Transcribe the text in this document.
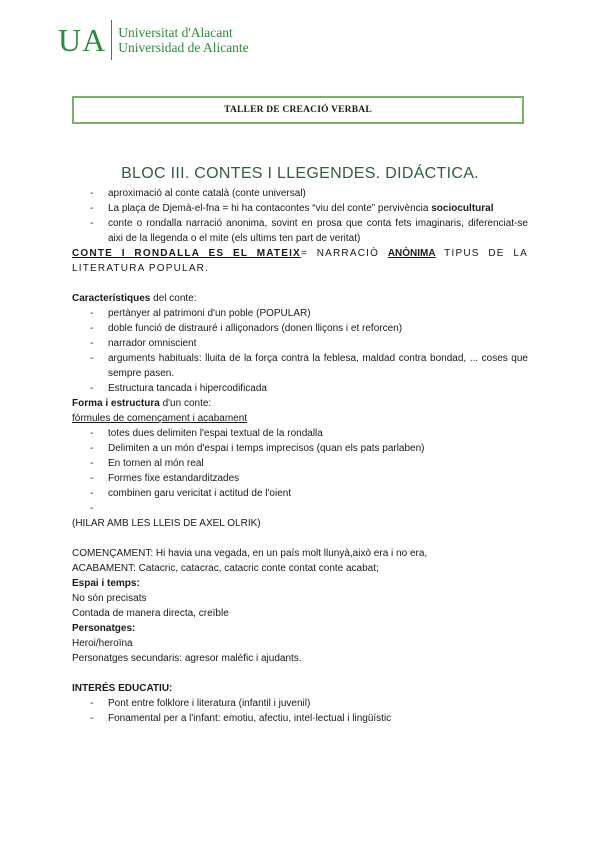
UA Universitat d'Alacant
Universidad de Alicante
TALLER DE CREACIÓ VERBAL
BLOC III. CONTES I LLEGENDES. DIDÁCTICA.
- aproximació al conte català (conte universal)
- La plaça de Djemà-el-fna = hi ha contacontes “viu del conte” pervivència sociocultural
- conte o rondalla narració anonima, sovint en prosa que conta fets imaginaris, diferenciat-se aixi de la llegenda o el mite (els ultims ten part de veritat)

CONTE I RONDALLA ES EL MATEIX= NARRACIÒ ANÒNIMA TIPUS DE LA LITERATURA POPULAR.

Característiques del conte:

- pertànyer al patrimoni d'un poble (POPULAR)
- doble funció de distrauré i alliçonadors (donen lliçons i et reforcen)
- narrador omniscient
- arguments habituals: lluita de la força contra la feblesa, maldad contra bondad, ... coses que sempre pasen.
- Estructura tancada i hipercodificada

Forma i estructura d'un conte:

fórmules de començament i acabament

- totes dues delimiten l'espai textual de la rondalla
- Delimiten a un món d'espai i temps imprecisos (quan els pats parlaben)
- En tornen al món real
- Formes fixe estandarditzades
- combinen garu vericitat i actitud de l'oient
-

(HILAR AMB LES LLEIS DE AXEL OLRIK)

COMENÇAMENT: Hi havia una vegada, en un país molt llunyà,això era i no era,

ACABAMENT: Catacric, catacrac, catacric conte contat conte acabat;

Espai i temps:

No són precisats

Contada de manera directa, creïble

Personatges:

Heroi/heroïna

Personatges secundaris: agresor malèfic i ajudants.

INTERÉS EDUCATIU:

- Pont entre folklore i literatura (infantil i juvenil)
- Fonamental per a l'infant: emotiu, afectiu, intel·lectual i lingüístic
